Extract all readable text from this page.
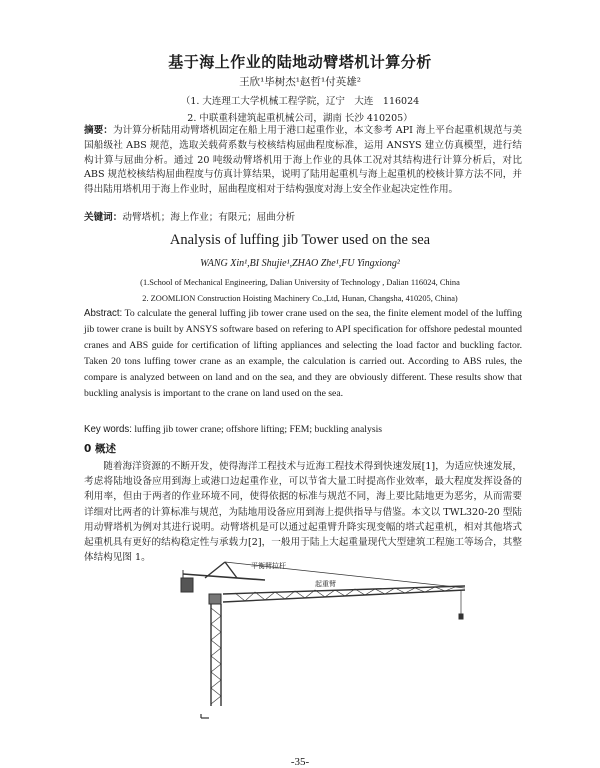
基于海上作业的陆地动臂塔机计算分析
王欣¹毕树杰¹赵哲¹付英雄²
（1. 大连理工大学机械工程学院，辽宁　大连　116024
2. 中联重科建筑起重机械公司，湖南 长沙 410205）

摘要：为计算分析陆用动臂塔机固定在船上用于港口起重作业，本文参考 API 海上平台起重机规范与美国船级社 ABS 规范，选取关载荷系数与校核结构屈曲程度标准，运用 ANSYS 建立仿真模型，进行结构计算与屈曲分析。通过 20 吨级动臂塔机用于海上作业的具体工况对其结构进行计算分析后，对比 ABS 规范校核结构屈曲程度与仿真计算结果，说明了陆用起重机与海上起重机的校核计算方法不同，并得出陆用塔机用于海上作业时，屈曲程度相对于结构强度对海上安全作业起决定性作用。

关键词：动臂塔机；海上作业；有限元；屈曲分析

Analysis of luffing jib Tower used on the sea
WANG Xin¹,BI Shujie¹,ZHAO Zhe¹,FU Yingxiong²
(1.School of Mechanical Engineering, Dalian University of Technology , Dalian 116024, China
2. ZOOMLION Construction Hoisting Machinery Co.,Ltd, Hunan, Changsha, 410205, China)

Abstract: To calculate the general luffing jib tower crane used on the sea, the finite element model of the luffing jib tower crane is built by ANSYS software based on refering to API specification for offshore pedestal mounted cranes and ABS guide for certification of lifting appliances and selecting the load factor and buckling factor. Taken 20 tons luffing tower crane as an example, the calculation is carried out. According to ABS rules, the compare is analyzed between on land and on the sea, and they are obviously different. These results show that buckling analysis is important to the crane on land used on the sea.

Key words: luffing jib tower crane; offshore lifting; FEM; buckling analysis

0 概述

随着海洋资源的不断开发，使得海洋工程技术与近海工程技术得到快速发展[1]，为适应快速发展，考虑将陆地设备应用到海上或港口边起重作业，可以节省大量工时提高作业效率，最大程度发挥设备的利用率，但由于两者的作业环境不同，使得依据的标准与规范不同，海上要比陆地更为恶劣，从而需要详细对比两者的计算标准与规范，为陆地用设备应用到海上提供指导与借鉴。本文以 TWL320-20 型陆用动臂塔机为例对其进行说明。动臂塔机是可以通过起重臂升降实现变幅的塔式起重机，相对其他塔式起重机具有更好的结构稳定性与承载力[2]，一般用于陆上大起重量现代大型建筑工程施工等场合，其整体结构见图 1。

平衡臂拉杆
起重臂
-35-
